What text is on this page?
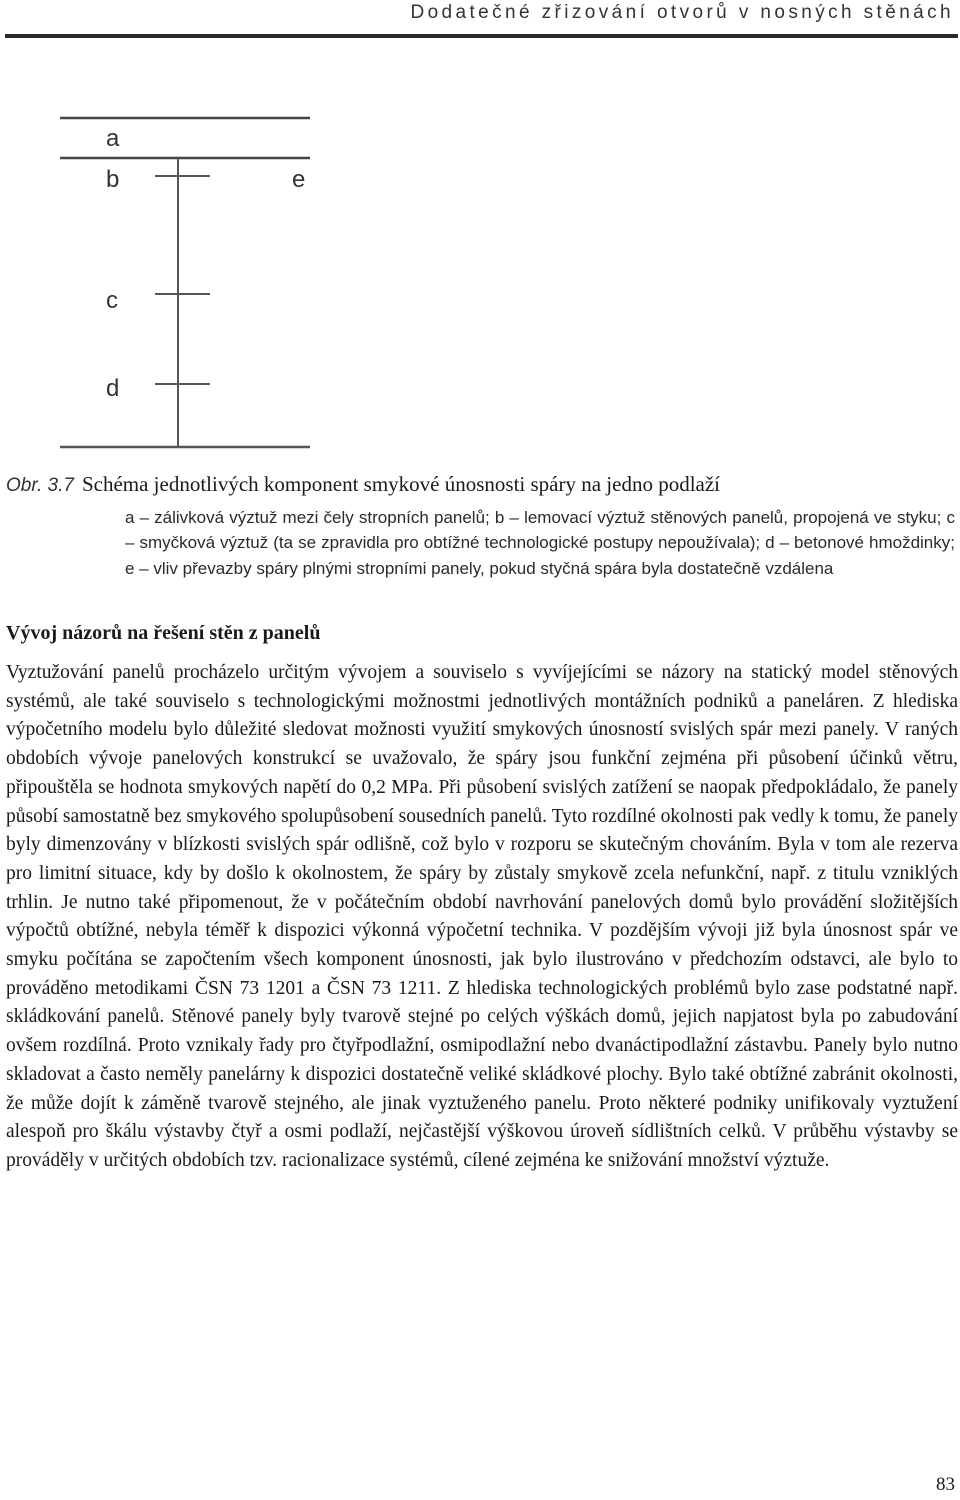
Dodatečné zřizování otvorů v nosných stěnách
a
b	e
c
d
Obr. 3.7 Schéma jednotlivých komponent smykové únosnosti spáry na jedno podlaží
a – zálivková výztuž mezi čely stropních panelů; b – lemovací výztuž stěnových panelů, propojená ve styku; c – smyčková výztuž (ta se zpravidla pro obtížné technologické postupy nepoužívala); d – betonové hmoždinky; e – vliv převazby spáry plnými stropními panely, pokud styčná spára byla dostatečně vzdálena
Vývoj názorů na řešení stěn z panelů

Vyztužování panelů procházelo určitým vývojem a souviselo s vyvíjejícími se názory na statický model stěnových systémů, ale také souviselo s technologickými možnostmi jednotlivých montážních podniků a paneláren. Z hlediska výpočetního modelu bylo důležité sledovat možnosti využití smykových únosností svislých spár mezi panely. V raných obdobích vývoje panelových konstrukcí se uvažovalo, že spáry jsou funkční zejména při působení účinků větru, připouštěla se hodnota smykových napětí do 0,2 MPa. Při působení svislých zatížení se naopak předpokládalo, že panely působí samostatně bez smykového spolupůsobení sousedních panelů. Tyto rozdílné okolnosti pak vedly k tomu, že panely byly dimenzovány v blízkosti svislých spár odlišně, což bylo v rozporu se skutečným chováním. Byla v tom ale rezerva pro limitní situace, kdy by došlo k okolnostem, že spáry by zůstaly smykově zcela nefunkční, např. z titulu vzniklých trhlin. Je nutno také připomenout, že v počátečním období navrhování panelových domů bylo provádění složitějších výpočtů obtížné, nebyla téměř k dispozici výkonná výpočetní technika. V pozdějším vývoji již byla únosnost spár ve smyku počítána se započtením všech komponent únosnosti, jak bylo ilustrováno v předchozím odstavci, ale bylo to prováděno metodikami ČSN 73 1201 a ČSN 73 1211. Z hlediska technologických problémů bylo zase podstatné např. skládkování panelů. Stěnové panely byly tvarově stejné po celých výškách domů, jejich napjatost byla po zabudování ovšem rozdílná. Proto vznikaly řady pro čtyřpodlažní, osmipodlažní nebo dvanáctipodlažní zástavbu. Panely bylo nutno skladovat a často neměly panelárny k dispozici dostatečně veliké skládkové plochy. Bylo také obtížné zabránit okolnosti, že může dojít k záměně tvarově stejného, ale jinak vyztuženého panelu. Proto některé podniky unifikovaly vyztužení alespoň pro škálu výstavby čtyř a osmi podlaží, nejčastější výškovou úroveň sídlištních celků. V průběhu výstavby se prováděly v určitých obdobích tzv. racionalizace systémů, cílené zejména ke snižování množství výztuže.

83
